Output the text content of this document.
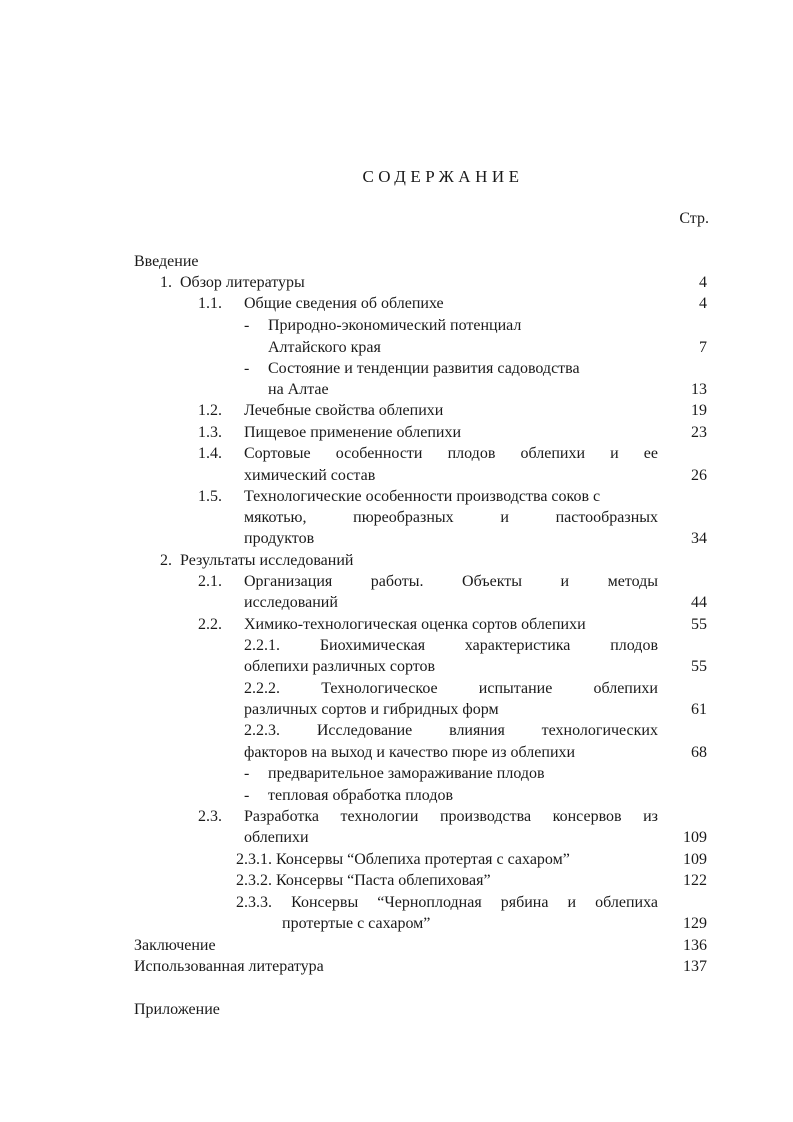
СОДЕРЖАНИЕ
Стр.
Введение
1. Обзор литературы	4
1.1. Общие сведения об облепихе	4
- Природно-экономический потенциал
Алтайского края	7
- Состояние и тенденции развития садоводства
на Алтае	13
1.2. Лечебные свойства облепихи	19
1.3. Пищевое применение облепихи	23
1.4. Сортовые особенности плодов облепихи и ее
химический состав	26
1.5. Технологические особенности производства соков с
мякотью, пюреобразных и пастообразных
продуктов	34
2. Результаты исследований
2.1. Организация работы. Объекты и методы
исследований	44
2.2. Химико-технологическая оценка сортов облепихи	55
2.2.1. Биохимическая характеристика плодов
облепихи различных сортов	55
2.2.2. Технологическое испытание облепихи
различных сортов и гибридных форм	61
2.2.3. Исследование влияния технологических
факторов на выход и качество пюре из облепихи	68
- предварительное замораживание плодов
- тепловая обработка плодов
2.3. Разработка технологии производства консервов из
облепихи	109
2.3.1. Консервы “Облепиха протертая с сахаром”	109
2.3.2. Консервы “Паста облепиховая”	122
2.3.3. Консервы “Черноплодная рябина и облепиха
протертые с сахаром”	129
Заключение	136
Использованная литература	137
Приложение
